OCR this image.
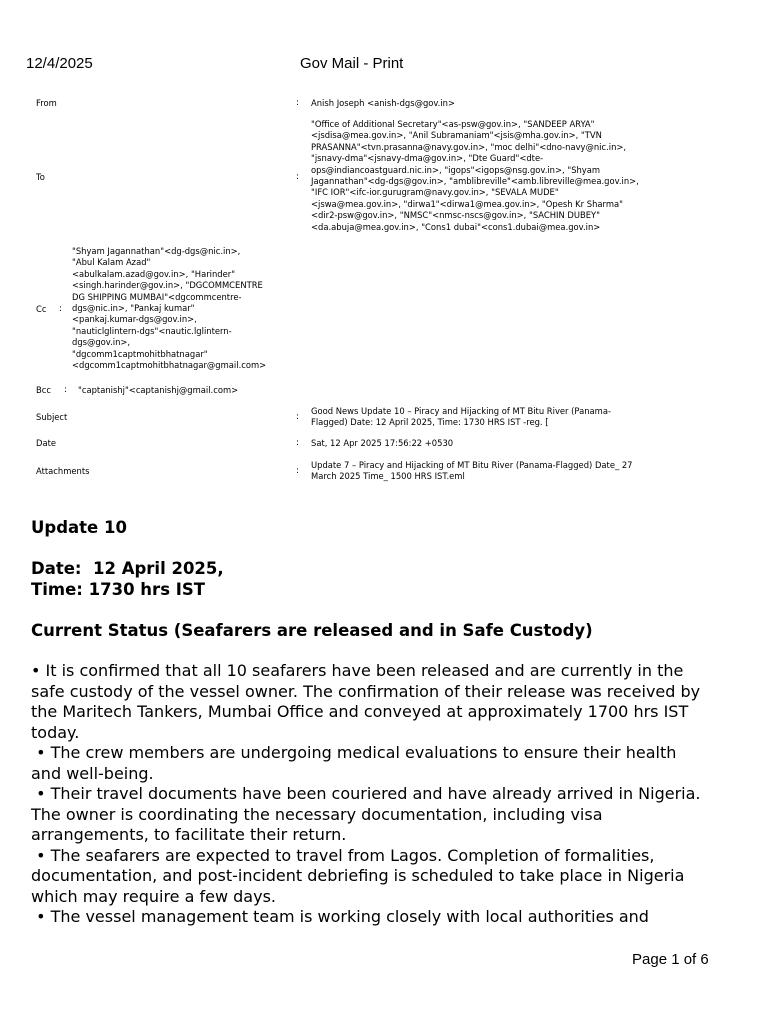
12/4/2025	Gov Mail - Print
From	: Anish Joseph <anish-dgs@gov.in>
To	:
"Office of Additional Secretary"<as-psw@gov.in>, "SANDEEP ARYA"
<jsdisa@mea.gov.in>, "Anil Subramaniam"<jsis@mha.gov.in>, "TVN
PRASANNA"<tvn.prasanna@navy.gov.in>, "moc delhi"<dno-navy@nic.in>,
"jsnavy-dma"<jsnavy-dma@gov.in>, "Dte Guard"<dte-
ops@indiancoastguard.nic.in>, "igops"<igops@nsg.gov.in>, "Shyam
Jagannathan"<dg-dgs@gov.in>, "amblibreville"<amb.libreville@mea.gov.in>,
"IFC IOR"<ifc-ior.gurugram@navy.gov.in>, "SEVALA MUDE"
<jswa@mea.gov.in>, "dirwa1"<dirwa1@mea.gov.in>, "Opesh Kr Sharma"
<dir2-psw@gov.in>, "NMSC"<nmsc-nscs@gov.in>, "SACHIN DUBEY"
<da.abuja@mea.gov.in>, "Cons1 dubai"<cons1.dubai@mea.gov.in>
Cc :
"Shyam Jagannathan"<dg-dgs@nic.in>,
"Abul Kalam Azad"
<abulkalam.azad@gov.in>, "Harinder"
<singh.harinder@gov.in>, "DGCOMMCENTRE
DG SHIPPING MUMBAI"<dgcommcentre-
dgs@nic.in>, "Pankaj kumar"
<pankaj.kumar-dgs@gov.in>,
"nauticlglintern-dgs"<nautic.lglintern-
dgs@gov.in>,
"dgcomm1captmohitbhatnagar"
<dgcomm1captmohitbhatnagar@gmail.com>
Bcc : "captanishj"<captanishj@gmail.com>
Subject	:
Good News Update 10 – Piracy and Hijacking of MT Bitu River (Panama-
Flagged) Date: 12 April 2025, Time: 1730 HRS IST -reg. [
Date	: Sat, 12 Apr 2025 17:56:22 +0530
Attachments	:
Update 7 – Piracy and Hijacking of MT Bitu River (Panama-Flagged) Date_ 27
March 2025 Time_ 1500 HRS IST.eml
Update 10
Date:  12 April 2025,
Time: 1730 hrs IST
Current Status (Seafarers are released and in Safe Custody)

• It is confirmed that all 10 seafarers have been released and are currently in the safe custody of the vessel owner. The confirmation of their release was received by the Maritech Tankers, Mumbai Office and conveyed at approximately 1700 hrs IST today.

• The crew members are undergoing medical evaluations to ensure their health and well-being.

• Their travel documents have been couriered and have already arrived in Nigeria. The owner is coordinating the necessary documentation, including visa arrangements, to facilitate their return.

• The seafarers are expected to travel from Lagos. Completion of formalities, documentation, and post-incident debriefing is scheduled to take place in Nigeria which may require a few days.

• The vessel management team is working closely with local authorities and

Page 1 of 6
